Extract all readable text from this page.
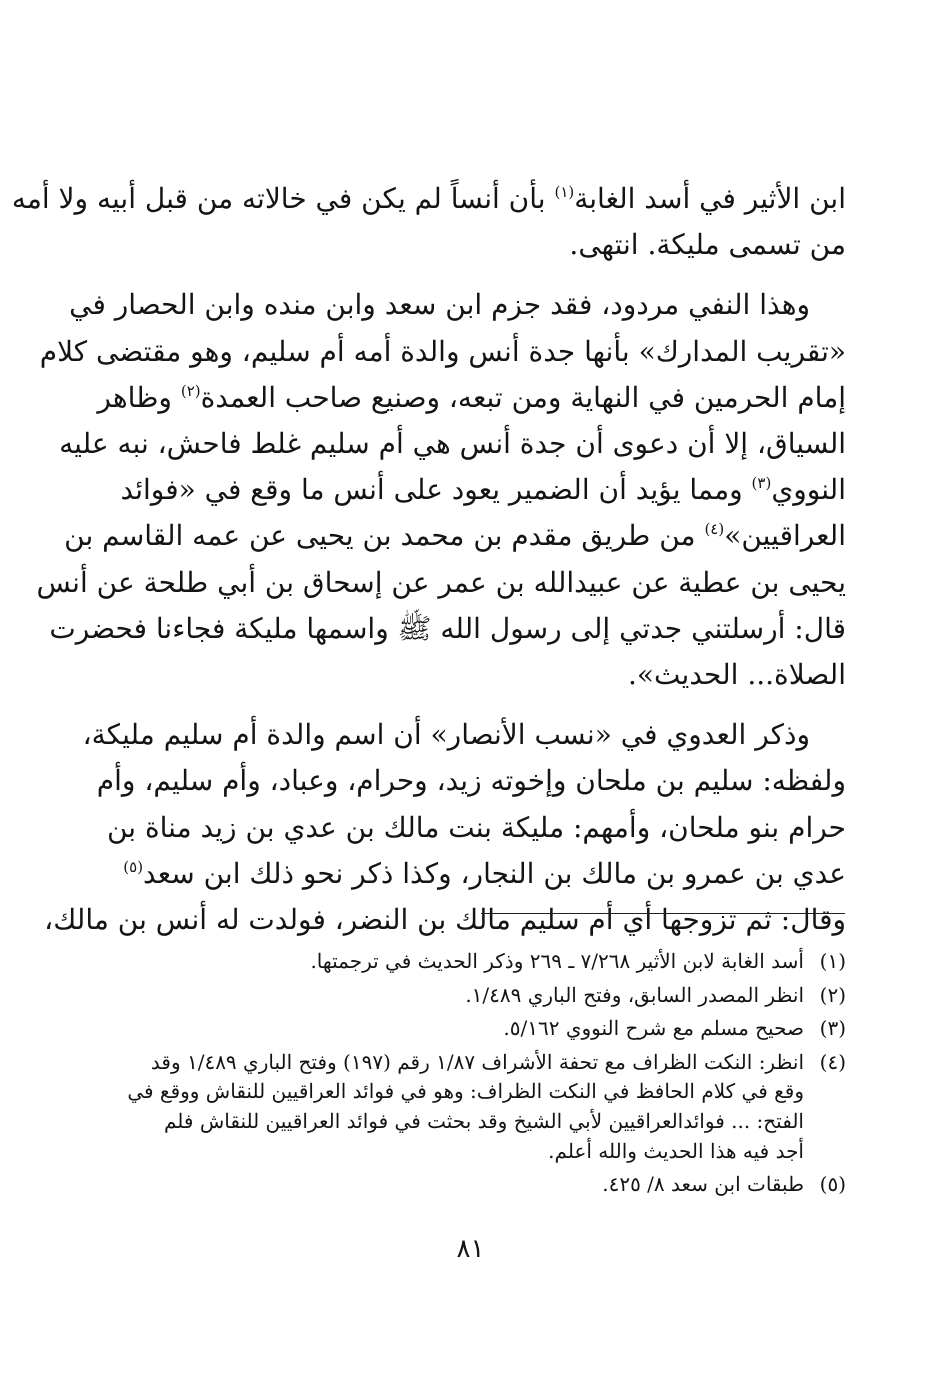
ابن الأثير في أسد الغابة$^{(١)}$ بأن أنساً لم يكن في خالاته من قبل أبيه ولا أمه
من تسمى مليكة. انتهى.

وهذا النفي مردود، فقد جزم ابن سعد وابن منده وابن الحصار في
«تقريب المدارك» بأنها جدة أنس والدة أمه أم سليم، وهو مقتضى كلام
إمام الحرمين في النهاية ومن تبعه، وصنيع صاحب العمدة$^{(٢)}$ وظاهر
السياق، إلا أن دعوى أن جدة أنس هي أم سليم غلط فاحش، نبه عليه
النووي$^{(٣)}$ ومما يؤيد أن الضمير يعود على أنس ما وقع في «فوائد
العراقيين»$^{(٤)}$ من طريق مقدم بن محمد بن يحيى عن عمه القاسم بن
يحيى بن عطية عن عبيدالله بن عمر عن إسحاق بن أبي طلحة عن أنس
قال: أرسلتني جدتي إلى رسول الله ﷺ واسمها مليكة فجاءنا فحضرت
الصلاة... الحديث».

وذكر العدوي في «نسب الأنصار» أن اسم والدة أم سليم مليكة،
ولفظه: سليم بن ملحان وإخوته زيد، وحرام، وعباد، وأم سليم، وأم
حرام بنو ملحان، وأمهم: مليكة بنت مالك بن عدي بن زيد مناة بن
عدي بن عمرو بن مالك بن النجار، وكذا ذكر نحو ذلك ابن سعد$^{(٥)}$
وقال: ثم تزوجها أي أم سليم مالك بن النضر، فولدت له أنس بن مالك،

(١)
أسد الغابة لابن الأثير ٧/٢٦٨ ـ ٢٦٩ وذكر الحديث في ترجمتها.
(٢)
انظر المصدر السابق، وفتح الباري ١/٤٨٩.
(٣)
صحيح مسلم مع شرح النووي ٥/١٦٢.
(٤)
انظر: النكت الظراف مع تحفة الأشراف ١/٨٧ رقم (١٩٧) وفتح الباري ١/٤٨٩ وقد
وقع في كلام الحافظ في النكت الظراف: وهو في فوائد العراقيين للنقاش ووقع في
الفتح: ... فوائدالعراقيين لأبي الشيخ وقد بحثت في فوائد العراقيين للنقاش فلم
أجد فيه هذا الحديث والله أعلم.
(٥)
طبقات ابن سعد ٨/ ٤٢٥.
٨١
